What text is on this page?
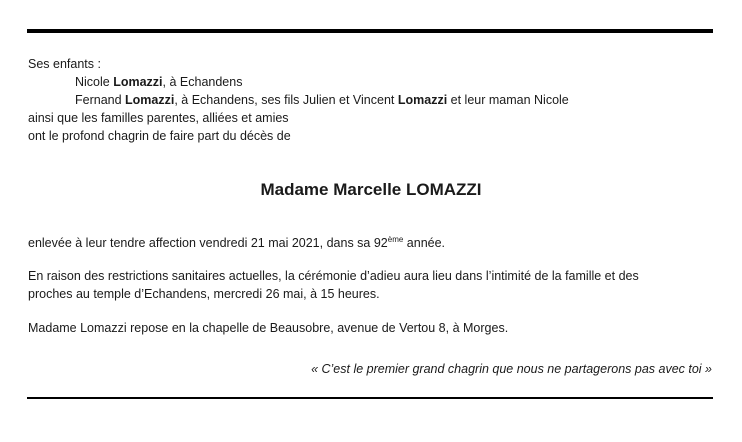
Ses enfants :
Nicole Lomazzi, à Echandens
Fernand Lomazzi, à Echandens, ses fils Julien et Vincent Lomazzi et leur maman Nicole
ainsi que les familles parentes, alliées et amies
ont le profond chagrin de faire part du décès de
Madame Marcelle LOMAZZI
enlevée à leur tendre affection vendredi 21 mai 2021, dans sa 92ème année.
En raison des restrictions sanitaires actuelles, la cérémonie d’adieu aura lieu dans l’intimité de la famille et des
proches au temple d’Echandens, mercredi 26 mai, à 15 heures.
Madame Lomazzi repose en la chapelle de Beausobre, avenue de Vertou 8, à Morges.
« C’est le premier grand chagrin que nous ne partagerons pas avec toi »
